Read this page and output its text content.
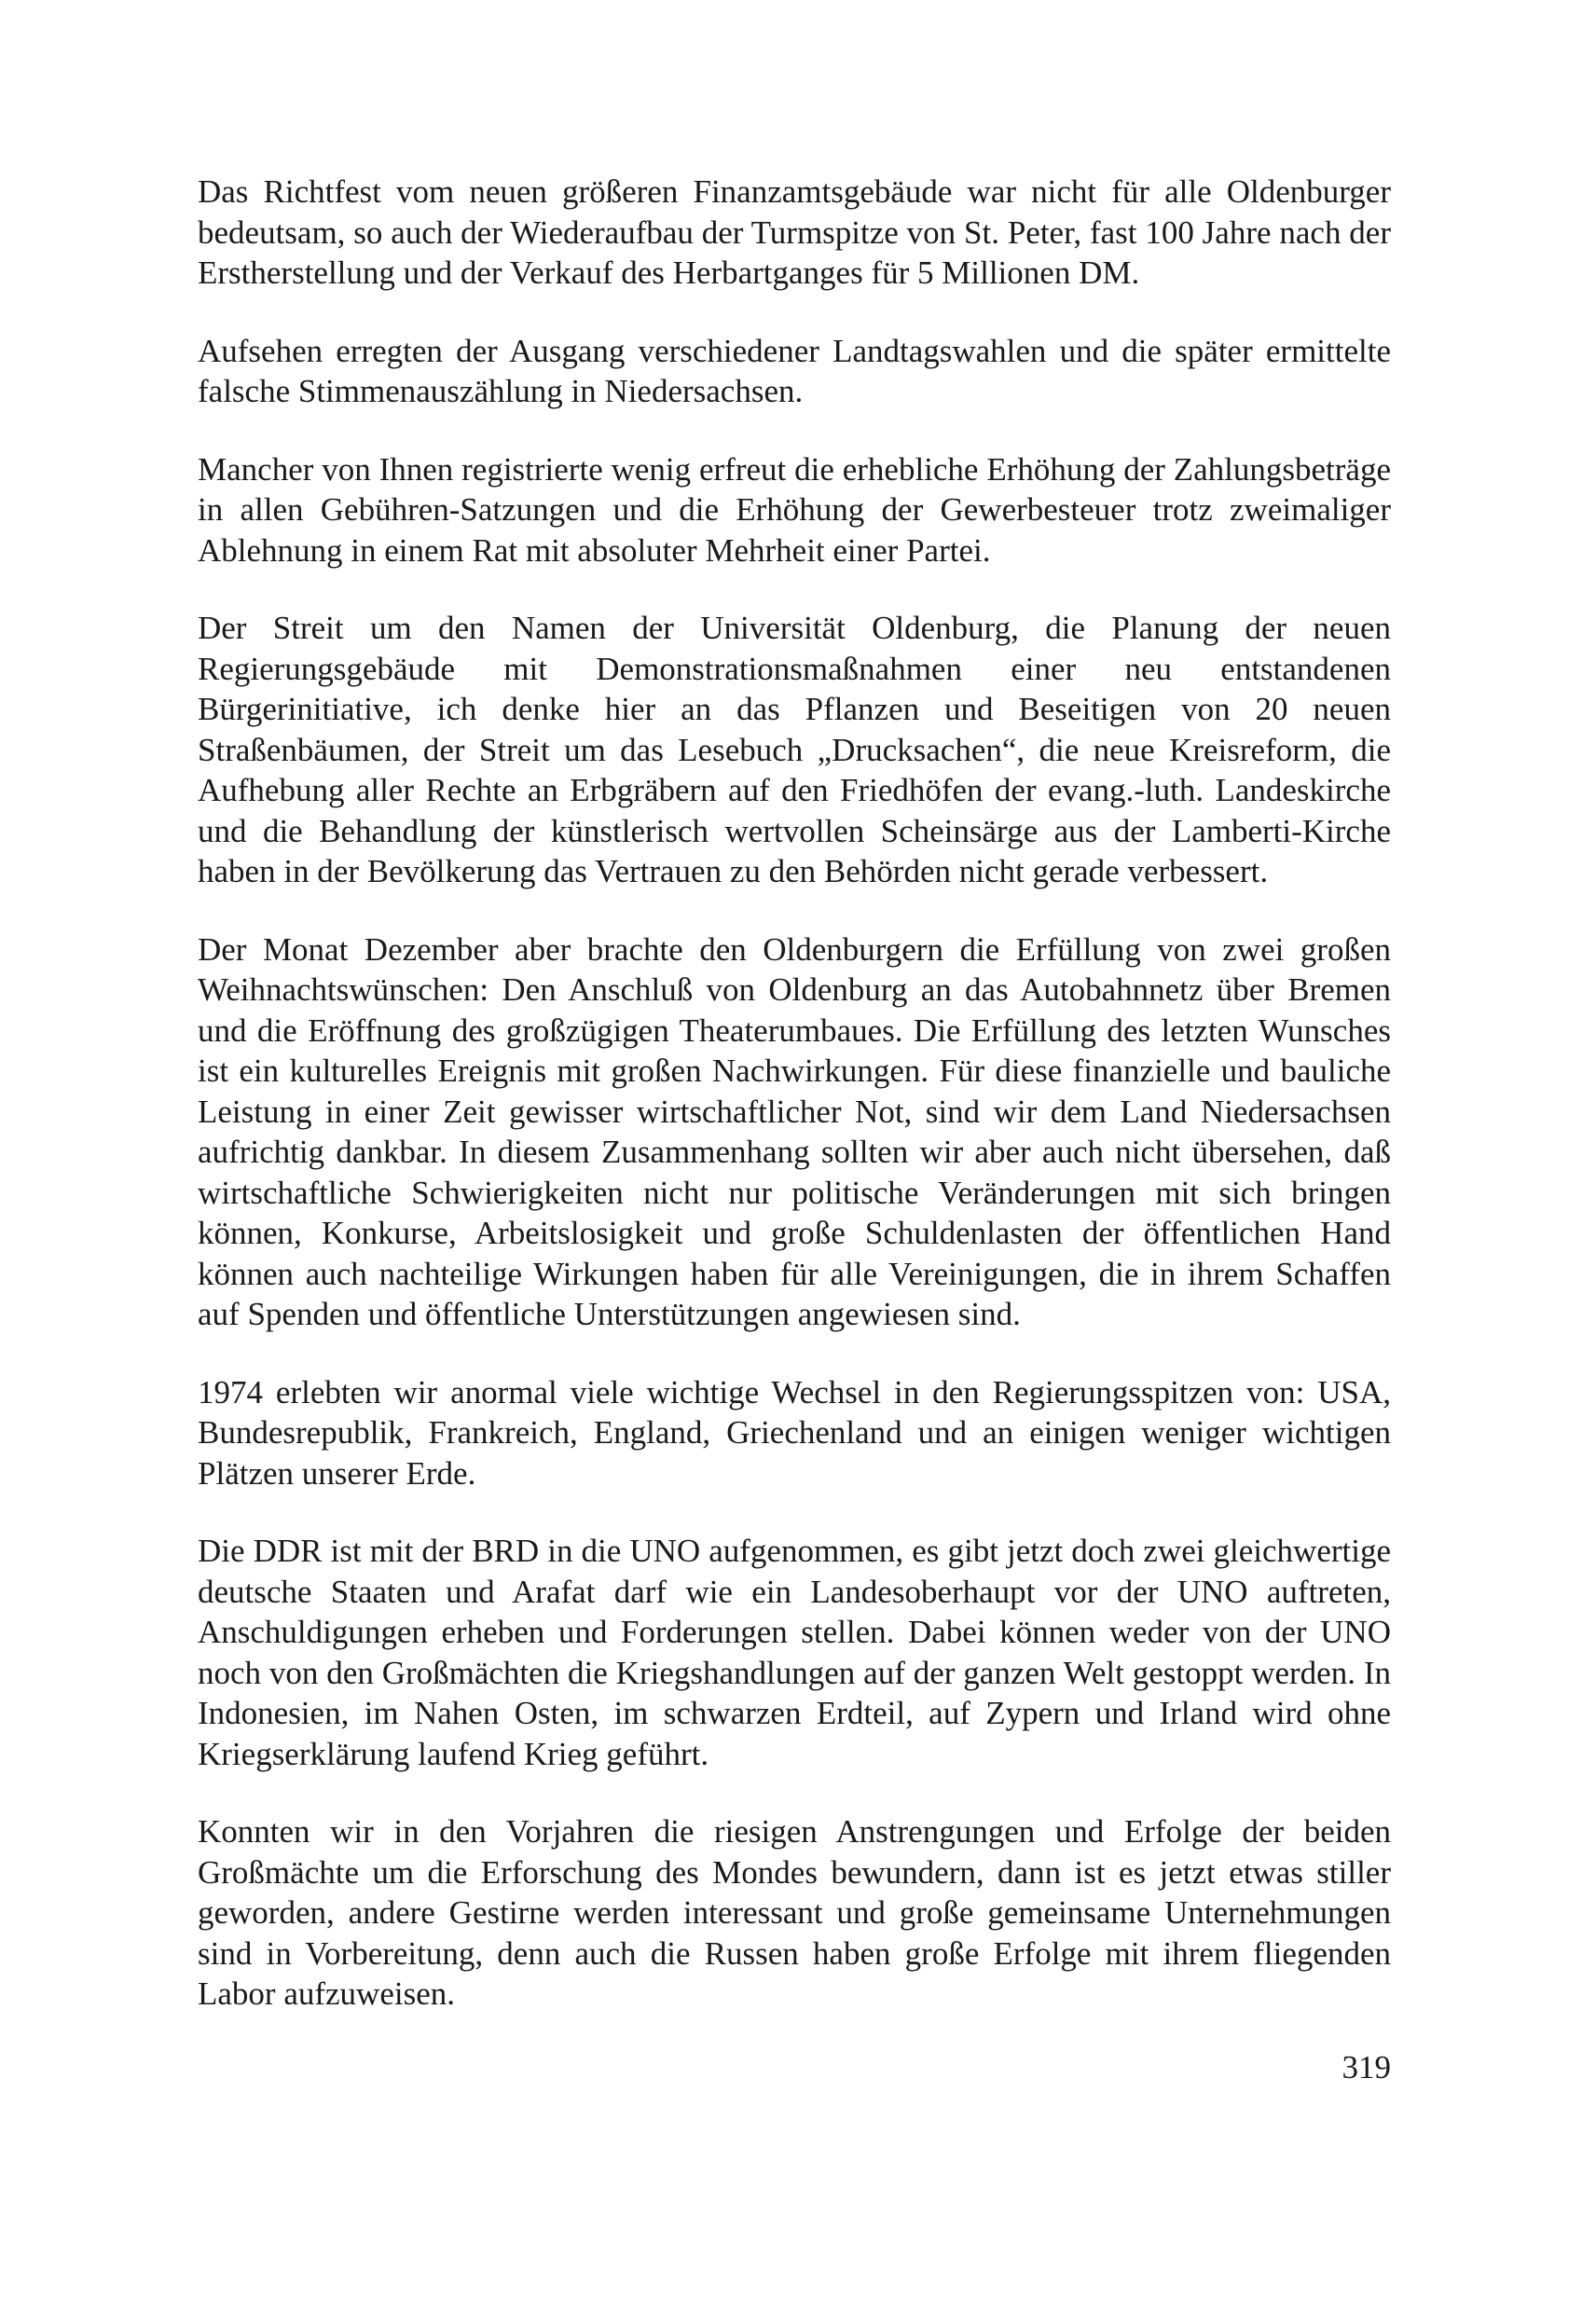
Das Richtfest vom neuen größeren Finanzamtsgebäude war nicht für alle Oldenburger bedeutsam, so auch der Wiederaufbau der Turmspitze von St. Peter, fast 100 Jahre nach der Erstherstellung und der Verkauf des Herbartganges für 5 Millionen DM.

Aufsehen erregten der Ausgang verschiedener Landtagswahlen und die später ermittelte falsche Stimmenauszählung in Niedersachsen.

Mancher von Ihnen registrierte wenig erfreut die erhebliche Erhöhung der Zahlungsbeträge in allen Gebühren-Satzungen und die Erhöhung der Gewerbesteuer trotz zweimaliger Ablehnung in einem Rat mit absoluter Mehrheit einer Partei.

Der Streit um den Namen der Universität Oldenburg, die Planung der neuen Regierungsgebäude mit Demonstrationsmaßnahmen einer neu entstandenen Bürgerinitiative, ich denke hier an das Pflanzen und Beseitigen von 20 neuen Straßenbäumen, der Streit um das Lesebuch „Drucksachen“, die neue Kreisreform, die Aufhebung aller Rechte an Erbgräbern auf den Friedhöfen der evang.-luth. Landeskirche und die Behandlung der künstlerisch wertvollen Scheinsärge aus der Lamberti-Kirche haben in der Bevölkerung das Vertrauen zu den Behörden nicht gerade verbessert.

Der Monat Dezember aber brachte den Oldenburgern die Erfüllung von zwei großen Weihnachtswünschen: Den Anschluß von Oldenburg an das Autobahnnetz über Bremen und die Eröffnung des großzügigen Theaterumbaues. Die Erfüllung des letzten Wunsches ist ein kulturelles Ereignis mit großen Nachwirkungen. Für diese finanzielle und bauliche Leistung in einer Zeit gewisser wirtschaftlicher Not, sind wir dem Land Niedersachsen aufrichtig dankbar. In diesem Zusammenhang sollten wir aber auch nicht übersehen, daß wirtschaftliche Schwierigkeiten nicht nur politische Veränderungen mit sich bringen können, Konkurse, Arbeitslosigkeit und große Schuldenlasten der öffentlichen Hand können auch nachteilige Wirkungen haben für alle Vereinigungen, die in ihrem Schaffen auf Spenden und öffentliche Unterstützungen angewiesen sind.

1974 erlebten wir anormal viele wichtige Wechsel in den Regierungsspitzen von: USA, Bundesrepublik, Frankreich, England, Griechenland und an einigen weniger wichtigen Plätzen unserer Erde.

Die DDR ist mit der BRD in die UNO aufgenommen, es gibt jetzt doch zwei gleichwertige deutsche Staaten und Arafat darf wie ein Landesoberhaupt vor der UNO auftreten, Anschuldigungen erheben und Forderungen stellen. Dabei können weder von der UNO noch von den Großmächten die Kriegshandlungen auf der ganzen Welt gestoppt werden. In Indonesien, im Nahen Osten, im schwarzen Erdteil, auf Zypern und Irland wird ohne Kriegserklärung laufend Krieg geführt.

Konnten wir in den Vorjahren die riesigen Anstrengungen und Erfolge der beiden Großmächte um die Erforschung des Mondes bewundern, dann ist es jetzt etwas stiller geworden, andere Gestirne werden interessant und große gemeinsame Unternehmungen sind in Vorbereitung, denn auch die Russen haben große Erfolge mit ihrem fliegenden Labor aufzuweisen.

319
